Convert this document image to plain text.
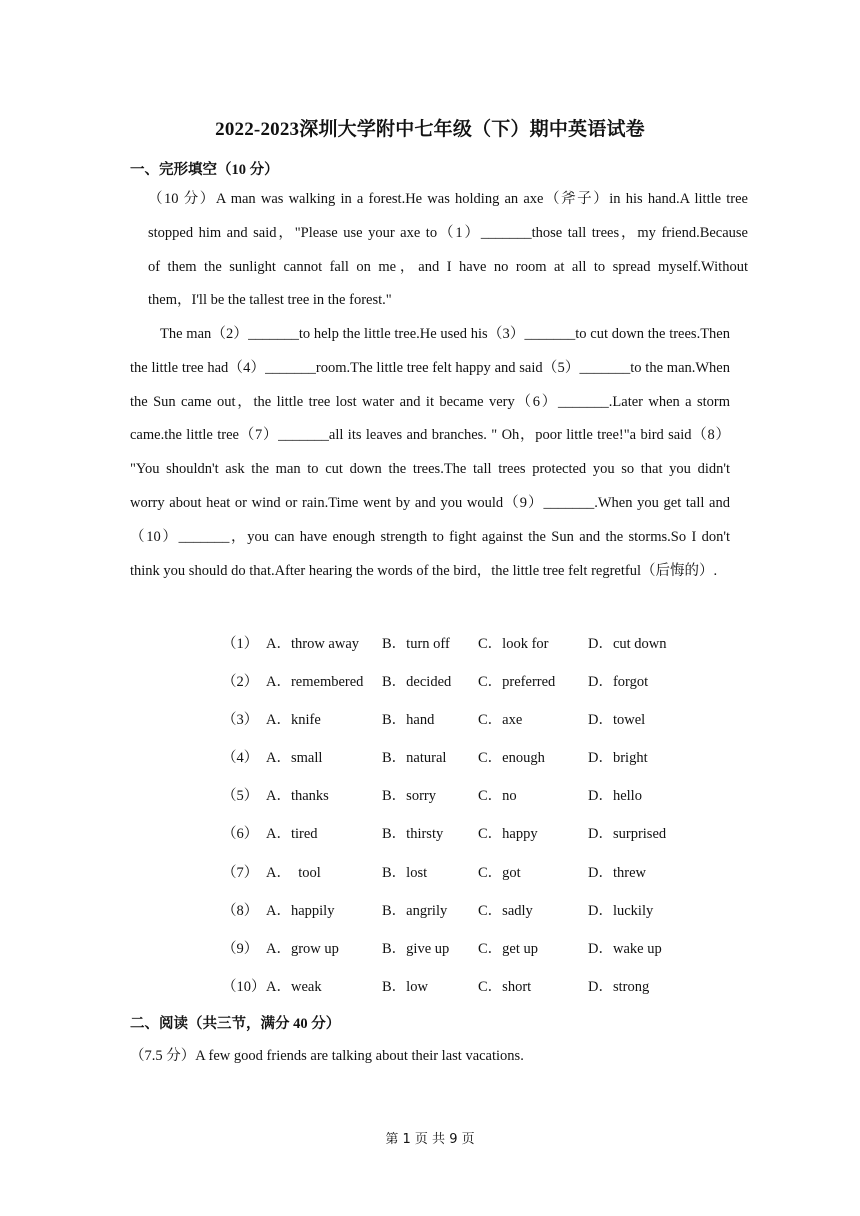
2022-2023深圳大学附中七年级（下）期中英语试卷
一、完形填空（10 分）
（10 分）A man was walking in a forest.He was holding an axe（斧子）in his hand.A little tree
stopped him and said，"Please use your axe to（1）_______those tall trees，my friend.Because
of them the sunlight cannot fall on me，and I have no room at all to spread myself.Without
them，I'll be the tallest tree in the forest."
The man（2）_______to help the little tree.He used his（3）_______to cut down the trees.Then
the little tree had（4）_______room.The little tree felt happy and said（5）_______to the man.When
the Sun came out，the little tree lost water and it became very（6）_______.Later when a storm
came.the little tree（7）_______all its leaves and branches. " Oh，poor little tree!"a bird said（8）
"You shouldn't ask the man to cut down the trees.The tall trees protected you so that you didn't
worry about heat or wind or rain.Time went by and you would（9）_______.When you get tall and
（10）_______，you can have enough strength to fight against the Sun and the storms.So I don't
think you should do that.After hearing the words of the bird，the little tree felt regretful（后悔的）.
（1） A．throw away B．turn off C．look for	D．cut down
（2） A．remembered B．decided C．preferred D．forgot
（3） A．knife	B．hand	C．axe	D．towel
（4） A．small	B．natural C．enough	D．bright
（5） A．thanks	B．sorry	C．no	D．hello
（6） A．tired	B．thirsty C．happy	D．surprised
（7） A．  tool	B．lost	C．got	D．threw
（8） A．happily	B．angrily C．sadly	D．luckily
（9） A．grow up	B．give up C．get up	D．wake up
（10） A．weak	B．low	C．short	D．strong
二、阅读（共三节，满分 40 分）
（7.5 分）A few good friends are talking about their last vacations.
第 1 页 共 9 页
